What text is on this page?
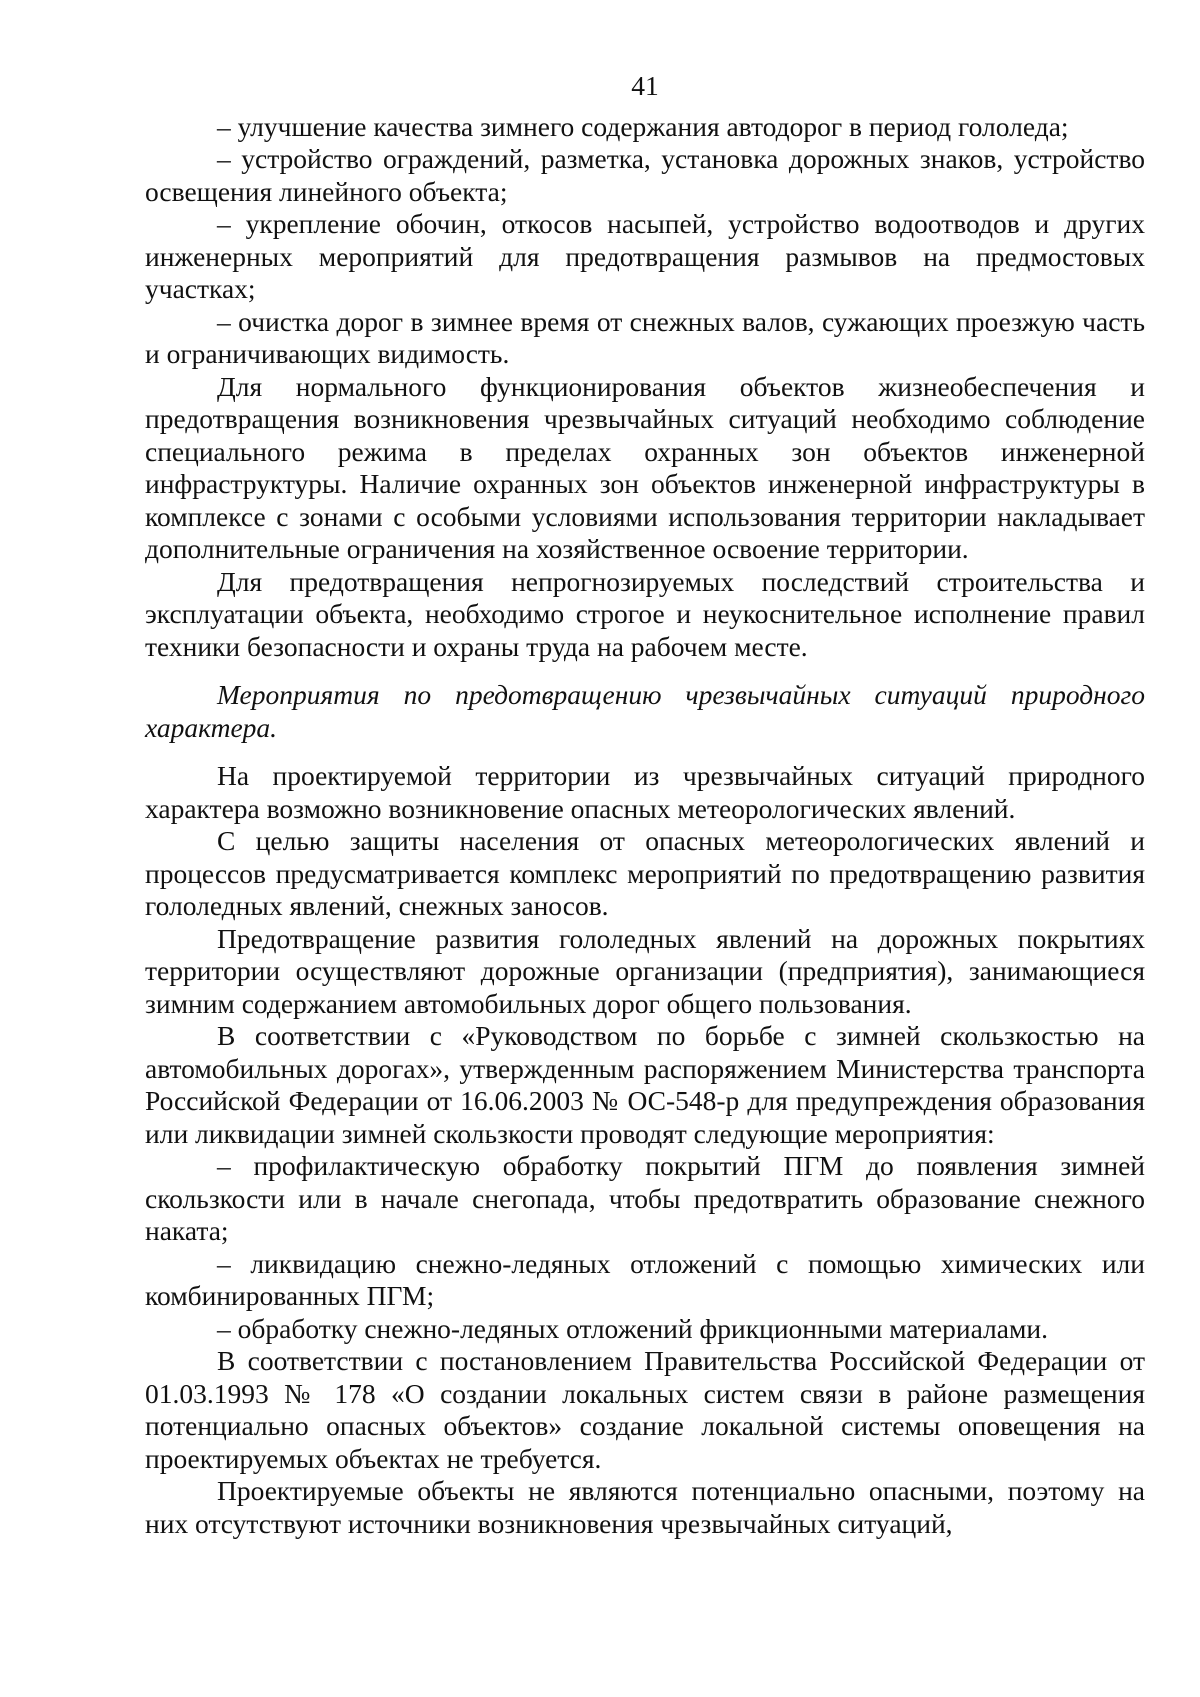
41

– улучшение качества зимнего содержания автодорог в период гололеда;

– устройство ограждений, разметка, установка дорожных знаков, устройство освещения линейного объекта;

– укрепление обочин, откосов насыпей, устройство водоотводов и других инженерных мероприятий для предотвращения размывов на предмостовых участках;

– очистка дорог в зимнее время от снежных валов, сужающих проезжую часть и ограничивающих видимость.

Для нормального функционирования объектов жизнеобеспечения и предотвращения возникновения чрезвычайных ситуаций необходимо соблюдение специального режима в пределах охранных зон объектов инженерной инфраструктуры. Наличие охранных зон объектов инженерной инфраструктуры в комплексе с зонами с особыми условиями использования территории накладывает дополнительные ограничения на хозяйственное освоение территории.

Для предотвращения непрогнозируемых последствий строительства и эксплуатации объекта, необходимо строгое и неукоснительное исполнение правил техники безопасности и охраны труда на рабочем месте.

Мероприятия по предотвращению чрезвычайных ситуаций природного характера.

На проектируемой территории из чрезвычайных ситуаций природного характера возможно возникновение опасных метеорологических явлений.

С целью защиты населения от опасных метеорологических явлений и процессов предусматривается комплекс мероприятий по предотвращению развития гололедных явлений, снежных заносов.

Предотвращение развития гололедных явлений на дорожных покрытиях территории осуществляют дорожные организации (предприятия), занимающиеся зимним содержанием автомобильных дорог общего пользования.

В соответствии с «Руководством по борьбе с зимней скользкостью на автомобильных дорогах», утвержденным распоряжением Министерства транспорта Российской Федерации от 16.06.2003 № ОС-548-р для предупреждения образования или ликвидации зимней скользкости проводят следующие мероприятия:

– профилактическую обработку покрытий ПГМ до появления зимней скользкости или в начале снегопада, чтобы предотвратить образование снежного наката;

– ликвидацию снежно-ледяных отложений с помощью химических или комбинированных ПГМ;

– обработку снежно-ледяных отложений фрикционными материалами.

В соответствии с постановлением Правительства Российской Федерации от 01.03.1993 № 178 «О создании локальных систем связи в районе размещения потенциально опасных объектов» создание локальной системы оповещения на проектируемых объектах не требуется.

Проектируемые объекты не являются потенциально опасными, поэтому на них отсутствуют источники возникновения чрезвычайных ситуаций,
